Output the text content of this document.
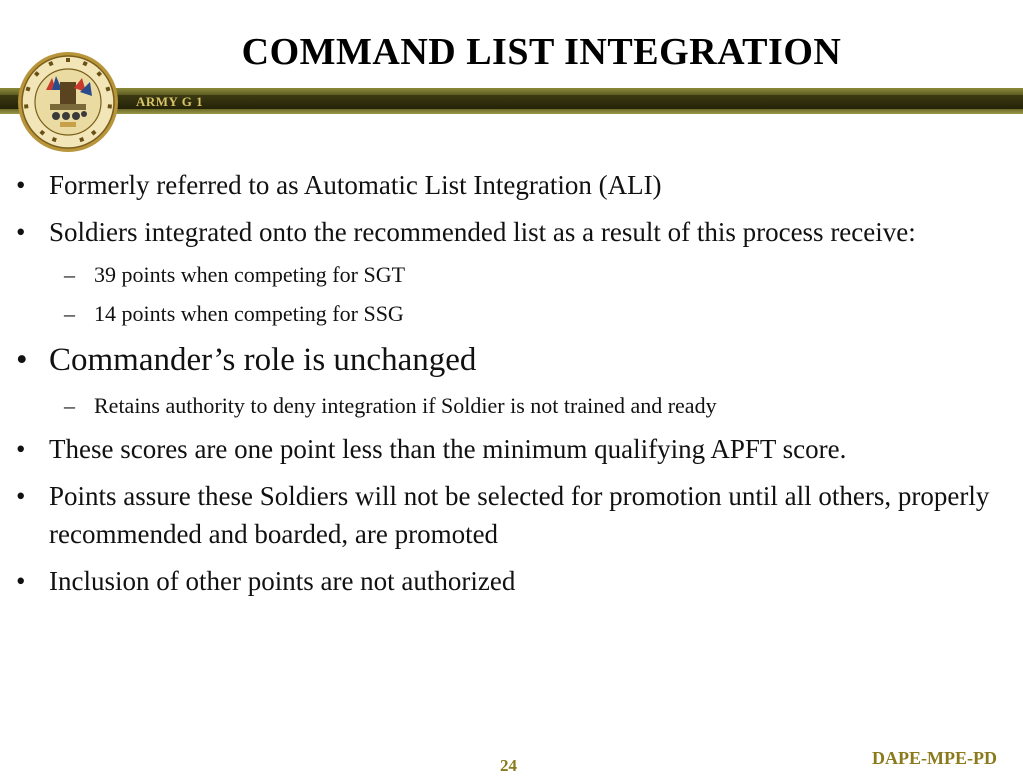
ARMY G 1
COMMAND LIST INTEGRATION
• Formerly referred to as Automatic List Integration (ALI)
• Soldiers integrated onto the recommended list as a result of this process receive:
– 39 points when competing for SGT
– 14 points when competing for SSG
• Commander’s role is unchanged
– Retains authority to deny integration if Soldier is not trained and ready
• These scores are one point less than the minimum qualifying APFT score.
• Points assure these Soldiers will not be selected for promotion until all others, properly recommended and boarded, are promoted
• Inclusion of other points are not authorized
24	DAPE-MPE-PD
